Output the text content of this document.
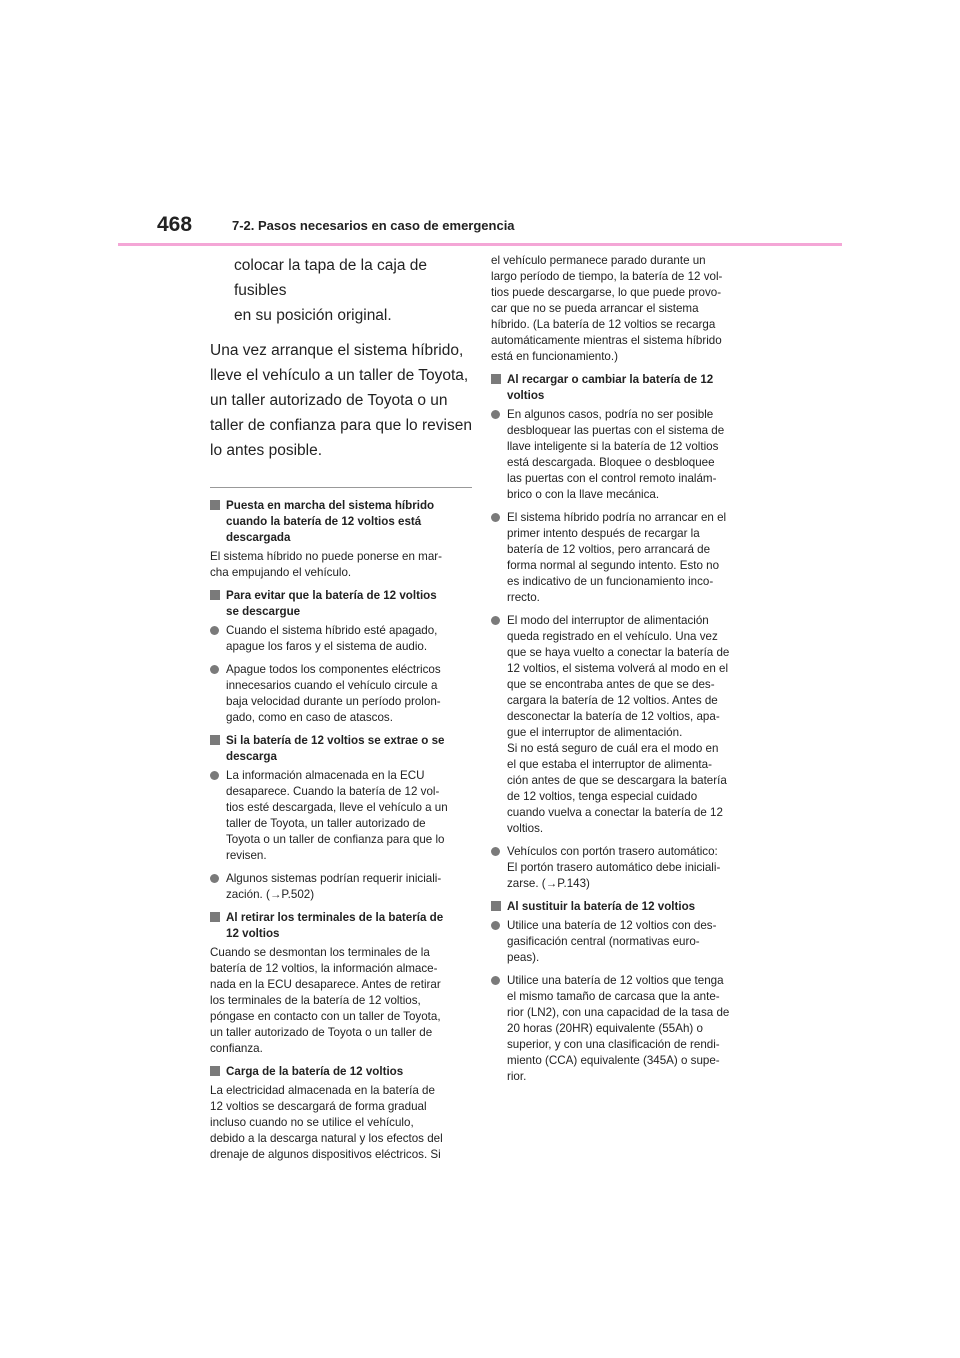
468	7-2. Pasos necesarios en caso de emergencia

colocar la tapa de la caja de fusibles
en su posición original.

Una vez arranque el sistema híbrido, lleve el vehículo a un taller de Toyota, un taller autorizado de Toyota o un taller de confianza para que lo revisen lo antes posible.

Puesta en marcha del sistema híbrido
cuando la batería de 12 voltios está
descargada

El sistema híbrido no puede ponerse en mar-
cha empujando el vehículo.

Para evitar que la batería de 12 voltios
se descargue
Cuando el sistema híbrido esté apagado,
apague los faros y el sistema de audio.
Apague todos los componentes eléctricos
innecesarios cuando el vehículo circule a
baja velocidad durante un período prolon-
gado, como en caso de atascos.
Si la batería de 12 voltios se extrae o se
descarga
La información almacenada en la ECU
desaparece. Cuando la batería de 12 vol-
tios esté descargada, lleve el vehículo a un
taller de Toyota, un taller autorizado de
Toyota o un taller de confianza para que lo
revisen.
Algunos sistemas podrían requerir iniciali-
zación. (→P.502)
Al retirar los terminales de la batería de
12 voltios

Cuando se desmontan los terminales de la
batería de 12 voltios, la información almace-
nada en la ECU desaparece. Antes de retirar
los terminales de la batería de 12 voltios,
póngase en contacto con un taller de Toyota,
un taller autorizado de Toyota o un taller de
confianza.

Carga de la batería de 12 voltios

La electricidad almacenada en la batería de
12 voltios se descargará de forma gradual
incluso cuando no se utilice el vehículo,
debido a la descarga natural y los efectos del
drenaje de algunos dispositivos eléctricos. Si

el vehículo permanece parado durante un
largo período de tiempo, la batería de 12 vol-
tios puede descargarse, lo que puede provo-
car que no se pueda arrancar el sistema
híbrido. (La batería de 12 voltios se recarga
automáticamente mientras el sistema híbrido
está en funcionamiento.)

Al recargar o cambiar la batería de 12
voltios
En algunos casos, podría no ser posible
desbloquear las puertas con el sistema de
llave inteligente si la batería de 12 voltios
está descargada. Bloquee o desbloquee
las puertas con el control remoto inalám-
brico o con la llave mecánica.
El sistema híbrido podría no arrancar en el
primer intento después de recargar la
batería de 12 voltios, pero arrancará de
forma normal al segundo intento. Esto no
es indicativo de un funcionamiento inco-
rrecto.
El modo del interruptor de alimentación
queda registrado en el vehículo. Una vez
que se haya vuelto a conectar la batería de
12 voltios, el sistema volverá al modo en el
que se encontraba antes de que se des-
cargara la batería de 12 voltios. Antes de
desconectar la batería de 12 voltios, apa-
gue el interruptor de alimentación.
Si no está seguro de cuál era el modo en
el que estaba el interruptor de alimenta-
ción antes de que se descargara la batería
de 12 voltios, tenga especial cuidado
cuando vuelva a conectar la batería de 12
voltios.
Vehículos con portón trasero automático:
El portón trasero automático debe iniciali-
zarse. (→P.143)
Al sustituir la batería de 12 voltios
Utilice una batería de 12 voltios con des-
gasificación central (normativas euro-
peas).
Utilice una batería de 12 voltios que tenga
el mismo tamaño de carcasa que la ante-
rior (LN2), con una capacidad de la tasa de
20 horas (20HR) equivalente (55Ah) o
superior, y con una clasificación de rendi-
miento (CCA) equivalente (345A) o supe-
rior.
